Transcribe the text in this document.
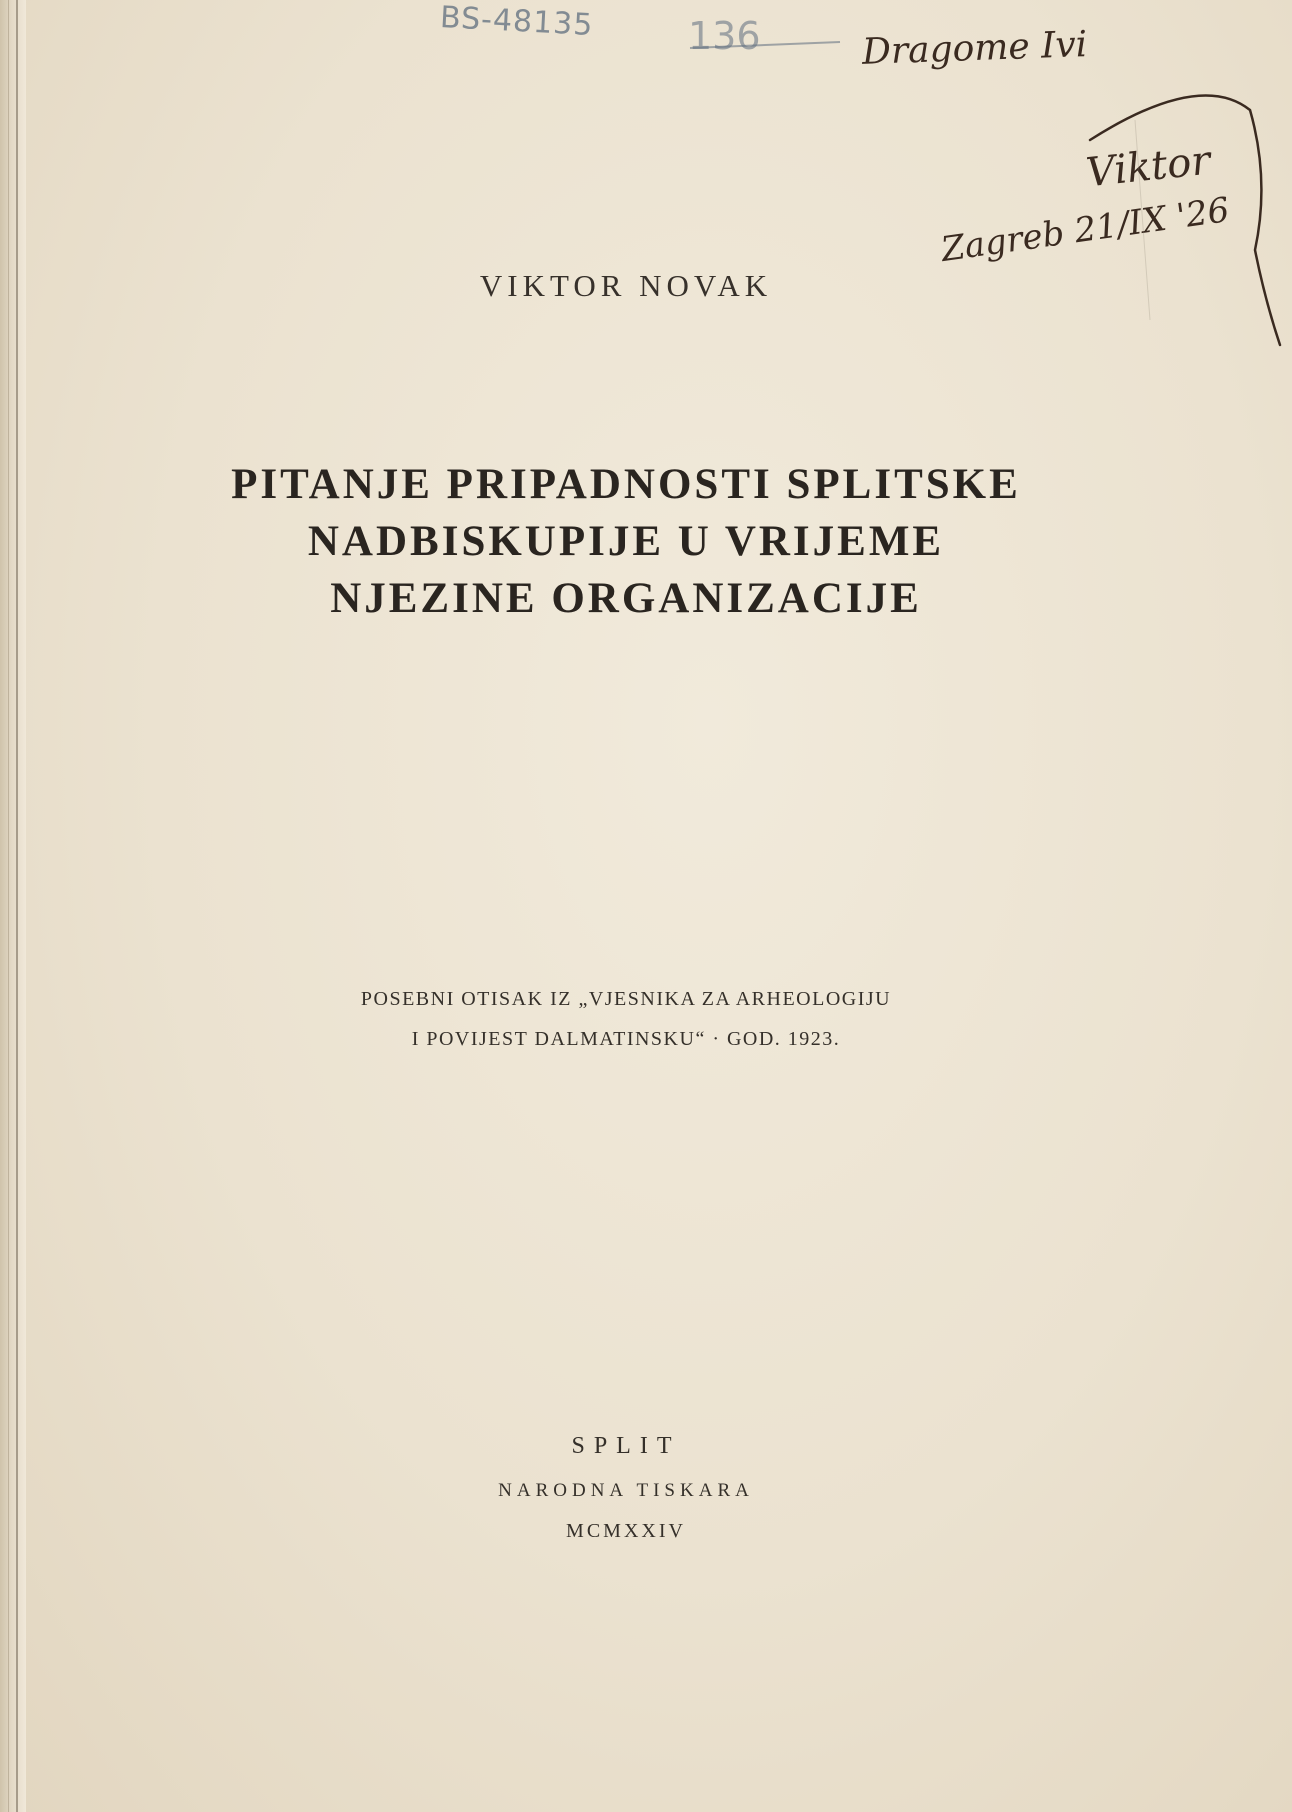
BS-48135 136	Dragome Ivi
Viktor
Zagreb 21/IX '26
VIKTOR NOVAK
PITANJE PRIPADNOSTI SPLITSKE
NADBISKUPIJE U VRIJEME
NJEZINE ORGANIZACIJE
POSEBNI OTISAK IZ „VJESNIKA ZA ARHEOLOGIJU
I POVIJEST DALMATINSKU“ · GOD. 1923.
SPLIT
NARODNA TISKARA
MCMXXIV
